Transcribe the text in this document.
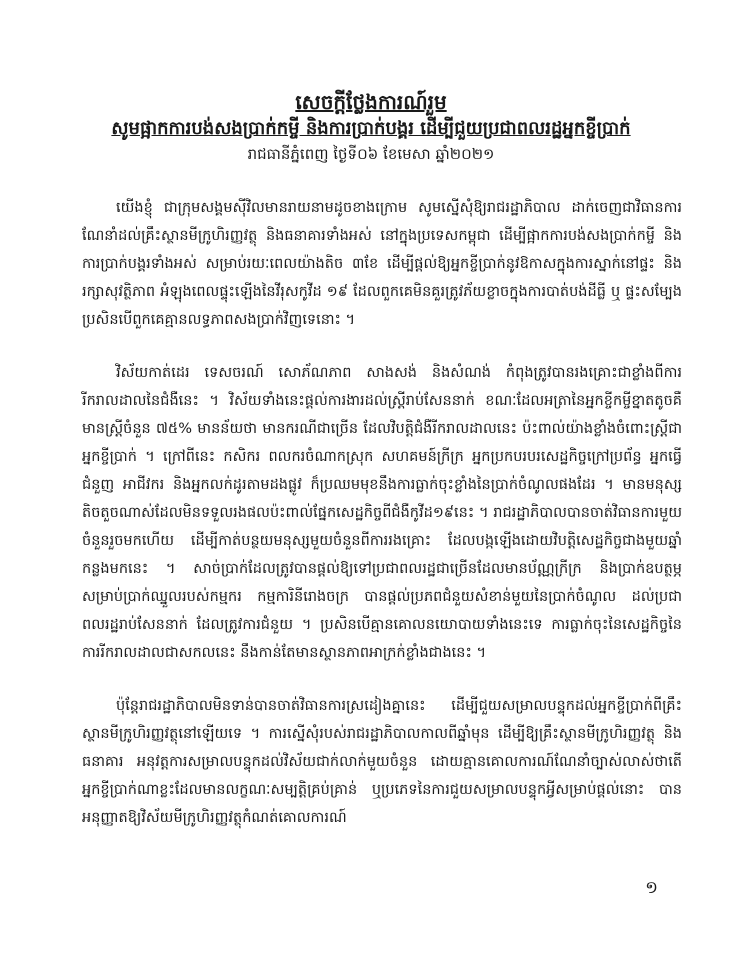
សេចក្ដីថ្លែងការណ៍រួម
សូមផ្អាកការបង់សងប្រាក់កម្ចី និងការប្រាក់បង្គរ ដើម្បីជួយប្រជាពលរដ្ឋអ្នកខ្ចីប្រាក់
រាជធានីភ្នំពេញ ថ្ងៃទី០៦ ខែមេសា ឆ្នាំ២០២១

យើងខ្ញុំ ជាក្រុមសង្គមស៊ីវិលមានរាយនាមដូចខាងក្រោម សូមស្នើសុំឱ្យរាជរដ្ឋាភិបាល ដាក់ចេញជាវិធានការណែនាំដល់គ្រឹះស្ថានមីក្រូហិរញ្ញវត្ថុ និងធនាគារទាំងអស់ នៅក្នុងប្រទេសកម្ពុជា ដើម្បីផ្អាកការបង់សងប្រាក់កម្ចី និងការប្រាក់បង្គរទាំងអស់ សម្រាប់រយៈពេលយ៉ាងតិច ៣ខែ ដើម្បីផ្ដល់ឱ្យអ្នកខ្ចីប្រាក់នូវឱកាសក្នុងការស្នាក់នៅផ្ទះ និងរក្សាសុវត្ថិភាព អំឡុងពេលផ្ទុះឡើងនៃវីរុសកូវីដ ១៩ ដែលពួកគេមិនគួរត្រូវភ័យខ្លាចក្នុងការបាត់បង់ដីធ្លី ឬ ផ្ទះសម្បែង ប្រសិនបើពួកគេគ្មានលទ្ធភាពសងប្រាក់វិញទេនោះ ។

វិស័យកាត់ដេរ ទេសចរណ៍ សោភ័ណភាព សាងសង់ និងសំណង់ កំពុងត្រូវបានរងគ្រោះជាខ្លាំងពីការរីករាលដាលនៃជំងឺនេះ ។ វិស័យទាំងនេះផ្ដល់ការងារដល់ស្ត្រីរាប់សែននាក់ ខណៈដែលអត្រានៃអ្នកខ្ចីកម្ចីខ្នាតតូចគឺមានស្ត្រីចំនួន ៧៥% មានន័យថា មានករណីជាច្រើន ដែលវិបត្តិជំងឺរីករាលដាលនេះ ប៉ះពាល់យ៉ាងខ្លាំងចំពោះស្ត្រីជាអ្នកខ្ចីប្រាក់ ។ ក្រៅពីនេះ កសិករ ពលករចំណាកស្រុក សហគមន៍ក្រីក្រ អ្នកប្រកបរបរសេដ្ឋកិច្ចក្រៅប្រព័ន្ធ អ្នកធ្វើជំនួញ អាជីវករ និងអ្នកលក់ដូរតាមដងផ្លូវ ក៏ប្រឈមមុខនឹងការធ្លាក់ចុះខ្លាំងនៃប្រាក់ចំណូលផងដែរ ។ មានមនុស្សតិចតួចណាស់ដែលមិនទទួលរងផលប៉ះពាល់ផ្នែកសេដ្ឋកិច្ចពីជំងឺកូវីដ១៩នេះ ។ រាជរដ្ឋាភិបាលបានចាត់វិធានការមួយចំនួនរួចមកហើយ ដើម្បីកាត់បន្ថយមនុស្សមួយចំនួនពីការរងគ្រោះ ដែលបង្កឡើងដោយវិបត្តិសេដ្ឋកិច្ចជាងមួយឆ្នាំកន្លងមកនេះ ។ សាច់ប្រាក់ដែលត្រូវបានផ្ដល់ឱ្យទៅប្រជាពលរដ្ឋជាច្រើនដែលមានប័ណ្ណក្រីក្រ និងប្រាក់ឧបត្ថម្ភសម្រាប់ប្រាក់ឈ្នួលរបស់កម្មករ កម្មការិនីរោងចក្រ បានផ្ដល់ប្រភពជំនួយសំខាន់មួយនៃប្រាក់ចំណូល ដល់ប្រជាពលរដ្ឋរាប់សែននាក់ ដែលត្រូវការជំនួយ ។ ប្រសិនបើគ្មានគោលនយោបាយទាំងនេះទេ ការធ្លាក់ចុះនៃសេដ្ឋកិច្ចនៃការរីករាលដាលជាសកលនេះ នឹងកាន់តែមានស្ថានភាពអាក្រក់ខ្លាំងជាងនេះ ។

ប៉ុន្តែរាជរដ្ឋាភិបាលមិនទាន់បានចាត់វិធានការស្រដៀងគ្នានេះ ដើម្បីជួយសម្រាលបន្ទុកដល់អ្នកខ្ចីប្រាក់ពីគ្រឹះស្ថានមីក្រូហិរញ្ញវត្ថុនៅឡើយទេ ។ ការស្នើសុំរបស់រាជរដ្ឋាភិបាលកាលពីឆ្នាំមុន ដើម្បីឱ្យគ្រឹះស្ថានមីក្រូហិរញ្ញវត្ថុ និងធនាគារ អនុវត្តការសម្រាលបន្ទុកដល់វិស័យជាក់លាក់មួយចំនួន ដោយគ្មានគោលការណ៍ណែនាំច្បាស់លាស់ថាតើអ្នកខ្ចីប្រាក់ណាខ្លះដែលមានលក្ខណៈសម្បត្តិគ្រប់គ្រាន់ ឬប្រភេទនៃការជួយសម្រាលបន្ទុកអ្វីសម្រាប់ផ្ដល់នោះ បានអនុញ្ញាតឱ្យវិស័យមីក្រូហិរញ្ញវត្ថុកំណត់គោលការណ៍

១
